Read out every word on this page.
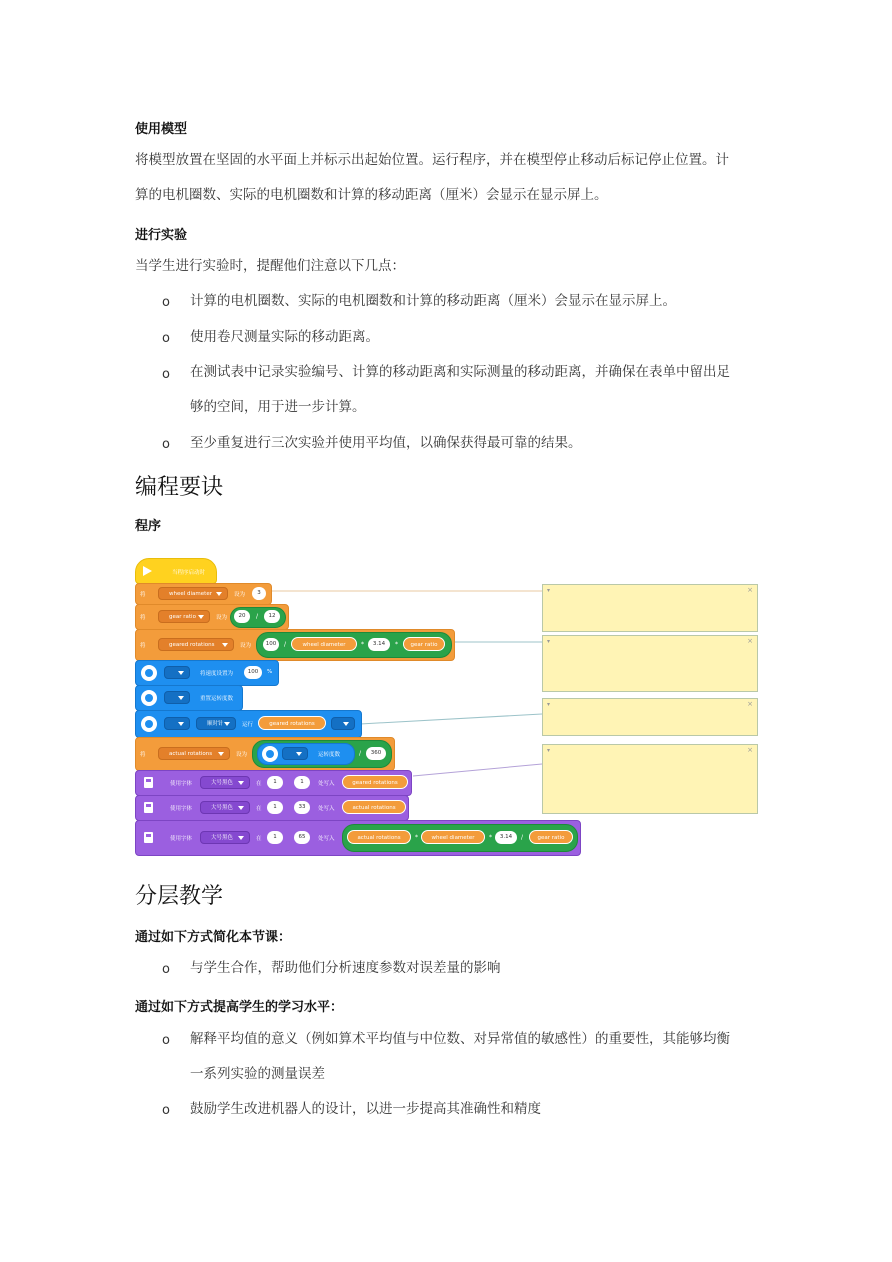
使用模型
将模型放置在坚固的水平面上并标示出起始位置。运行程序，并在模型停止移动后标记停止位置。计
算的电机圈数、实际的电机圈数和计算的移动距离（厘米）会显示在显示屏上。
进行实验
当学生进行实验时，提醒他们注意以下几点：
o 计算的电机圈数、实际的电机圈数和计算的移动距离（厘米）会显示在显示屏上。
o 使用卷尺测量实际的移动距离。
o 在测试表中记录实验编号、计算的移动距离和实际测量的移动距离，并确保在表单中留出足
够的空间，用于进一步计算。
o 至少重复进行三次实验并使用平均值，以确保获得最可靠的结果。
编程要诀
程序
当程序启动时
将	wheel diameter	设为	3
将	gear ratio	设为	20	/	12
将	geared rotations	设为	100	/	wheel diameter	*	3.14	*	gear ratio
将速度设置为	100	%
重置运转度数
顺时针	运行	geared rotations
将	actual rotations	设为	运转度数	/	360
使用字体	大号黑色	在	1	1	处写入	geared rotations
使用字体	大号黑色	在	1	33	处写入	actual rotations
使用字体	大号黑色	在	1	65	处写入	actual rotations	*	wheel diameter	*	3.14	/	gear ratio
▾	×
▾	×
▾	×
▾	×
分层教学
通过如下方式简化本节课：
o 与学生合作，帮助他们分析速度参数对误差量的影响
通过如下方式提高学生的学习水平：
o 解释平均值的意义（例如算术平均值与中位数、对异常值的敏感性）的重要性，其能够均衡
一系列实验的测量误差
o 鼓励学生改进机器人的设计，以进一步提高其准确性和精度
